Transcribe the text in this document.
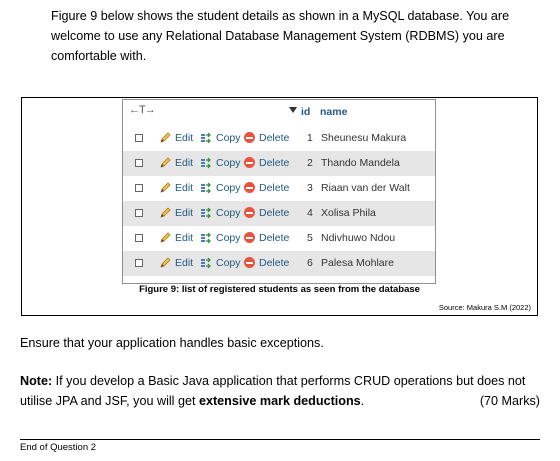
Figure 9 below shows the student details as shown in a MySQL database. You are welcome to use any Relational Database Management System (RDBMS) you are comfortable with.
←T→	id name
Edit Copy Delete 1 Sheunesu Makura
Edit Copy Delete 2 Thando Mandela
Edit Copy Delete 3 Riaan van der Walt
Edit Copy Delete 4 Xolisa Phila
Edit Copy Delete 5 Ndivhuwo Ndou
Edit Copy Delete 6 Palesa Mohlare
Figure 9: list of registered students as seen from the database
Source: Makura S.M (2022)
Ensure that your application handles basic exceptions.
Note: If you develop a Basic Java application that performs CRUD operations but does not utilise JPA and JSF, you will get extensive mark deductions.	(70 Marks)
End of Question 2
